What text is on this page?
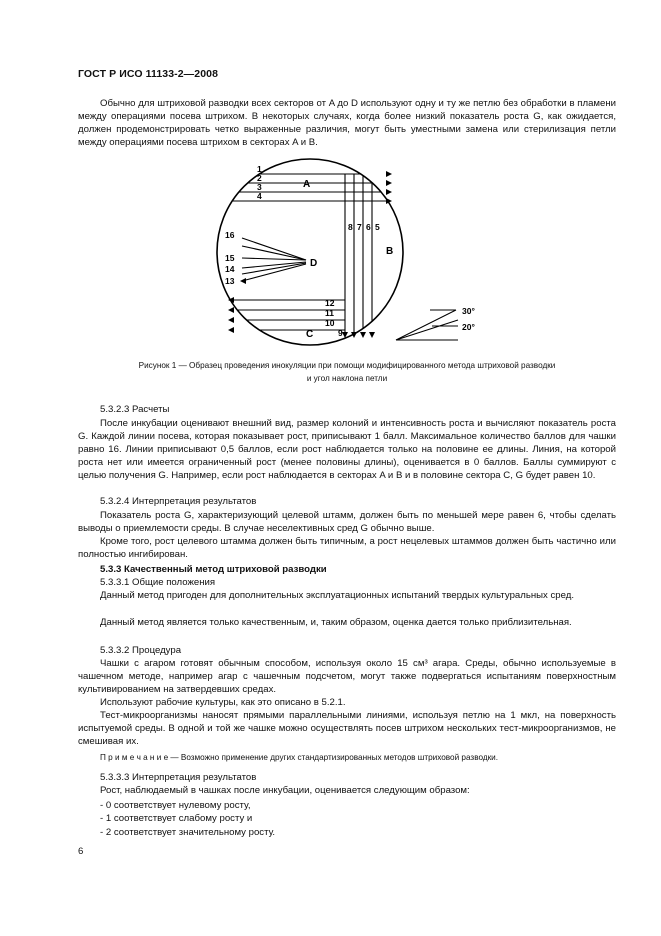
ГОСТ Р ИСО 11133-2—2008

Обычно для штриховой разводки всех секторов от A до D используют одну и ту же петлю без обработки в пламени между операциями посева штрихом. В некоторых случаях, когда более низкий показатель роста G, как ожидается, должен продемонстрировать четко выраженные различия, могут быть уместными замена или стерилизация петли между операциями посева штрихом в секторах A и B.

1
2
3
4
8 7 6 5
12
11
10
9
16
15
14
13
A
B
C
D
30°
20°
Рисунок 1 — Образец проведения инокуляции при помощи модифицированного метода штриховой разводки
и угол наклона петли
5.3.2.3 Расчеты

После инкубации оценивают внешний вид, размер колоний и интенсивность роста и вычисляют показатель роста G. Каждой линии посева, которая показывает рост, приписывают 1 балл. Максимальное количество баллов для чашки равно 16. Линии приписывают 0,5 баллов, если рост наблюдается только на половине ее длины. Линия, на которой роста нет или имеется ограниченный рост (менее половины длины), оценивается в 0 баллов. Баллы суммируют с целью получения G. Например, если рост наблюдается в секторах A и B и в половине сектора C, G будет равен 10.

5.3.2.4 Интерпретация результатов

Показатель роста G, характеризующий целевой штамм, должен быть по меньшей мере равен 6, чтобы сделать выводы о приемлемости среды. В случае неселективных сред G обычно выше.

Кроме того, рост целевого штамма должен быть типичным, а рост нецелевых штаммов должен быть частично или полностью ингибирован.

5.3.3 Качественный метод штриховой разводки
5.3.3.1 Общие положения

Данный метод пригоден для дополнительных эксплуатационных испытаний твердых культуральных сред.

Данный метод является только качественным, и, таким образом, оценка дается только приблизительная.

5.3.3.2 Процедура

Чашки с агаром готовят обычным способом, используя около 15 см³ агара. Среды, обычно используемые в чашечном методе, например агар с чашечным подсчетом, могут также подвергаться испытаниям поверхностным культивированием на затвердевших средах.

Используют рабочие культуры, как это описано в 5.2.1.

Тест-микроорганизмы наносят прямыми параллельными линиями, используя петлю на 1 мкл, на поверхность испытуемой среды. В одной и той же чашке можно осуществлять посев штрихом нескольких тест-микроорганизмов, не смешивая их.

П р и м е ч а н и е — Возможно применение других стандартизированных методов штриховой разводки.
5.3.3.3 Интерпретация результатов

Рост, наблюдаемый в чашках после инкубации, оценивается следующим образом:

- 0 соответствует нулевому росту,
- 1 соответствует слабому росту и
- 2 соответствует значительному росту.
6
